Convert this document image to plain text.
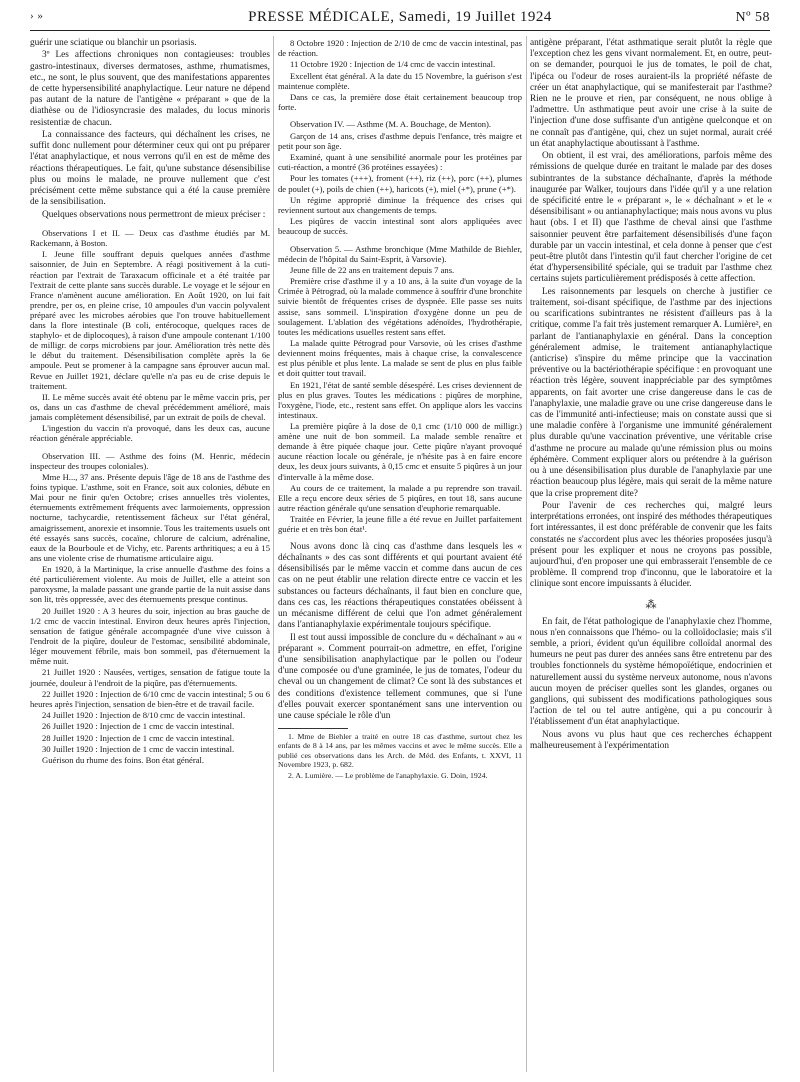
› »	PRESSE MÉDICALE, Samedi, 19 Juillet 1924	Nº 58

guérir une sciatique ou blanchir un psoriasis.

3º Les affections chroniques non contagieuses: troubles gastro-intestinaux, diverses dermatoses, asthme, rhumatismes, etc., ne sont, le plus souvent, que des manifestations apparentes de cette hypersensibilité anaphylactique. Leur nature ne dépend pas autant de la nature de l'antigène « préparant » que de la diathèse ou de l'idiosyncrasie des malades, du locus minoris resistentiæ de chacun.

La connaissance des facteurs, qui déchaînent les crises, ne suffit donc nullement pour déterminer ceux qui ont pu préparer l'état anaphylactique, et nous verrons qu'il en est de même des réactions thérapeutiques. Le fait, qu'une substance désensibilise plus ou moins le malade, ne prouve nullement que c'est précisément cette même substance qui a été la cause première de la sensibilisation.

Quelques observations nous permettront de mieux préciser :

Observations I et II. — Deux cas d'asthme étudiés par M. Rackemann, à Boston.

I. Jeune fille souffrant depuis quelques années d'asthme saisonnier, de Juin en Septembre. A réagi positivement à la cuti-réaction par l'extrait de Taraxacum officinale et a été traitée par l'extrait de cette plante sans succès durable. Le voyage et le séjour en France n'amènent aucune amélioration. En Août 1920, on lui fait prendre, per os, en pleine crise, 10 ampoules d'un vaccin polyvalent préparé avec les microbes aérobies que l'on trouve habituellement dans la flore intestinale (B coli, entérocoque, quelques races de staphylo- et de diplocoques), à raison d'une ampoule contenant 1/100 de milligr. de corps microbiens par jour. Amélioration très nette dès le début du traitement. Désensibilisation complète après la 6e ampoule. Peut se promener à la campagne sans éprouver aucun mal. Revue en Juillet 1921, déclare qu'elle n'a pas eu de crise depuis le traitement.

II. Le même succès avait été obtenu par le même vaccin pris, per os, dans un cas d'asthme de cheval précédemment amélioré, mais jamais complètement désensibilisé, par un extrait de poils de cheval.

L'ingestion du vaccin n'a provoqué, dans les deux cas, aucune réaction générale appréciable.

Observation III. — Asthme des foins (M. Henric, médecin inspecteur des troupes coloniales).

Mme H..., 37 ans. Présente depuis l'âge de 18 ans de l'asthme des foins typique. L'asthme, soit en France, soit aux colonies, débute en Mai pour ne finir qu'en Octobre; crises annuelles très violentes, éternuements extrêmement fréquents avec larmoiements, oppression nocturne, tachycardie, retentissement fâcheux sur l'état général, amaigrissement, anorexie et insomnie. Tous les traitements usuels ont été essayés sans succès, cocaïne, chlorure de calcium, adrénaline, eaux de la Bourboule et de Vichy, etc. Parents arthritiques; a eu à 15 ans une violente crise de rhumatisme articulaire aigu.

En 1920, à la Martinique, la crise annuelle d'asthme des foins a été particulièrement violente. Au mois de Juillet, elle a atteint son paroxysme, la malade passant une grande partie de la nuit assise dans son lit, très oppressée, avec des éternuements presque continus.

20 Juillet 1920 : A 3 heures du soir, injection au bras gauche de 1/2 cmc de vaccin intestinal. Environ deux heures après l'injection, sensation de fatigue générale accompagnée d'une vive cuisson à l'endroit de la piqûre, douleur de l'estomac, sensibilité abdominale, léger mouvement fébrile, mais bon sommeil, pas d'éternuement la même nuit.

21 Juillet 1920 : Nausées, vertiges, sensation de fatigue toute la journée, douleur à l'endroit de la piqûre, pas d'éternuements.

22 Juillet 1920 : Injection de 6/10 cmc de vaccin intestinal; 5 ou 6 heures après l'injection, sensation de bien-être et de travail facile.

24 Juillet 1920 : Injection de 8/10 cmc de vaccin intestinal.

26 Juillet 1920 : Injection de 1 cmc de vaccin intestinal.

28 Juillet 1920 : Injection de 1 cmc de vaccin intestinal.

30 Juillet 1920 : Injection de 1 cmc de vaccin intestinal.

Guérison du rhume des foins. Bon état général.

8 Octobre 1920 : Injection de 2/10 de cmc de vaccin intestinal, pas de réaction.

11 Octobre 1920 : Injection de 1/4 cmc de vaccin intestinal.

Excellent état général. A la date du 15 Novembre, la guérison s'est maintenue complète.

Dans ce cas, la première dose était certainement beaucoup trop forte.

Observation IV. — Asthme (M. A. Bouchage, de Menton).

Garçon de 14 ans, crises d'asthme depuis l'enfance, très maigre et petit pour son âge.

Examiné, quant à une sensibilité anormale pour les protéines par cuti-réaction, a montré (36 protéines essayées) :

Pour les tomates (+++), froment (++), riz (++), porc (++), plumes de poulet (+), poils de chien (++), haricots (+), miel (+*), prune (+*).

Un régime approprié diminue la fréquence des crises qui reviennent surtout aux changements de temps.

Les piqûres de vaccin intestinal sont alors appliquées avec beaucoup de succès.

Observation 5. — Asthme bronchique (Mme Mathilde de Biehler, médecin de l'hôpital du Saint-Esprit, à Varsovie).

Jeune fille de 22 ans en traitement depuis 7 ans.

Première crise d'asthme il y a 10 ans, à la suite d'un voyage de la Crimée à Pétrograd, où la malade commence à souffrir d'une bronchite suivie bientôt de fréquentes crises de dyspnée. Elle passe ses nuits assise, sans sommeil. L'inspiration d'oxygène donne un peu de soulagement. L'ablation des végétations adénoïdes, l'hydrothérapie, toutes les médications usuelles restent sans effet.

La malade quitte Pétrograd pour Varsovie, où les crises d'asthme deviennent moins fréquentes, mais à chaque crise, la convalescence est plus pénible et plus lente. La malade se sent de plus en plus faible et doit quitter tout travail.

En 1921, l'état de santé semble désespéré. Les crises deviennent de plus en plus graves. Toutes les médications : piqûres de morphine, l'oxygène, l'iode, etc., restent sans effet. On applique alors les vaccins intestinaux.

La première piqûre à la dose de 0,1 cmc (1/10 000 de milligr.) amène une nuit de bon sommeil. La malade semble renaître et demande à être piquée chaque jour. Cette piqûre n'ayant provoqué aucune réaction locale ou générale, je n'hésite pas à en faire encore deux, les deux jours suivants, à 0,15 cmc et ensuite 5 piqûres à un jour d'intervalle à la même dose.

Au cours de ce traitement, la malade a pu reprendre son travail. Elle a reçu encore deux séries de 5 piqûres, en tout 18, sans aucune autre réaction générale qu'une sensation d'euphorie remarquable.

Traitée en Février, la jeune fille a été revue en Juillet parfaitement guérie et en très bon état¹.

Nous avons donc là cinq cas d'asthme dans lesquels les « déchaînants » des cas sont différents et qui pourtant avaient été désensibilisés par le même vaccin et comme dans aucun de ces cas on ne peut établir une relation directe entre ce vaccin et les substances ou facteurs déchaînants, il faut bien en conclure que, dans ces cas, les réactions thérapeutiques constatées obéissent à un mécanisme différent de celui que l'on admet généralement dans l'antianaphylaxie expérimentale toujours spécifique.

Il est tout aussi impossible de conclure du « déchaînant » au « préparant ». Comment pourrait-on admettre, en effet, l'origine d'une sensibilisation anaphylactique par le pollen ou l'odeur d'une composée ou d'une graminée, le jus de tomates, l'odeur du cheval ou un changement de climat? Ce sont là des substances et des conditions d'existence tellement communes, que si l'une d'elles pouvait exercer spontanément sans une intervention ou une cause spéciale le rôle d'un

1. Mme de Biehler a traité en outre 18 cas d'asthme, surtout chez les enfants de 8 à 14 ans, par les mêmes vaccins et avec le même succès. Elle a publié ces observations dans les Arch. de Méd. des Enfants, t. XXVI, 11 Novembre 1923, p. 682.

2. A. Lumière. — Le problème de l'anaphylaxie. G. Doin, 1924.

antigène préparant, l'état asthmatique serait plutôt la règle que l'exception chez les gens vivant normalement. Et, en outre, peut-on se demander, pourquoi le jus de tomates, le poil de chat, l'ipéca ou l'odeur de roses auraient-ils la propriété néfaste de créer un état anaphylactique, qui se manifesterait par l'asthme? Rien ne le prouve et rien, par conséquent, ne nous oblige à l'admettre. Un asthmatique peut avoir une crise à la suite de l'injection d'une dose suffisante d'un antigène quelconque et on ne connaît pas d'antigène, qui, chez un sujet normal, aurait créé un état anaphylactique aboutissant à l'asthme.

On obtient, il est vrai, des améliorations, parfois même des rémissions de quelque durée en traitant le malade par des doses subintrantes de la substance déchaînante, d'après la méthode inaugurée par Walker, toujours dans l'idée qu'il y a une relation de spécificité entre le « préparant », le « déchaînant » et le « désensibilisant » ou antianaphylactique; mais nous avons vu plus haut (obs. I et II) que l'asthme de cheval ainsi que l'asthme saisonnier peuvent être parfaitement désensibilisés d'une façon durable par un vaccin intestinal, et cela donne à penser que c'est peut-être plutôt dans l'intestin qu'il faut chercher l'origine de cet état d'hypersensibilité spéciale, qui se traduit par l'asthme chez certains sujets particulièrement prédisposés à cette affection.

Les raisonnements par lesquels on cherche à justifier ce traitement, soi-disant spécifique, de l'asthme par des injections ou scarifications subintrantes ne résistent d'ailleurs pas à la critique, comme l'a fait très justement remarquer A. Lumière², en parlant de l'antianaphylaxie en général. Dans la conception généralement admise, le traitement antianaphylactique (anticrise) s'inspire du même principe que la vaccination préventive ou la bactériothérapie spécifique : en provoquant une réaction très légère, souvent inappréciable par des symptômes apparents, on fait avorter une crise dangereuse dans le cas de l'anaphylaxie, une maladie grave ou une crise dangereuse dans le cas de l'immunité anti-infectieuse; mais on constate aussi que si une maladie confère à l'organisme une immunité généralement plus durable qu'une vaccination préventive, une véritable crise d'asthme ne procure au malade qu'une rémission plus ou moins éphémère. Comment expliquer alors ou prétendre à la guérison ou à une désensibilisation plus durable de l'anaphylaxie par une réaction beaucoup plus légère, mais qui serait de la même nature que la crise proprement dite?

Pour l'avenir de ces recherches qui, malgré leurs interprétations erronées, ont inspiré des méthodes thérapeutiques fort intéressantes, il est donc préférable de convenir que les faits constatés ne s'accordent plus avec les théories proposées jusqu'à présent pour les expliquer et nous ne croyons pas possible, aujourd'hui, d'en proposer une qui embrasserait l'ensemble de ce problème. Il comprend trop d'inconnu, que le laboratoire et la clinique sont encore impuissants à élucider.

⁂

En fait, de l'état pathologique de l'anaphylaxie chez l'homme, nous n'en connaissons que l'hémo- ou la colloïdoclasie; mais s'il semble, a priori, évident qu'un équilibre colloïdal anormal des humeurs ne peut pas durer des années sans être entretenu par des troubles fonctionnels du système hémopoïétique, endocrinien et naturellement aussi du système nerveux autonome, nous n'avons aucun moyen de préciser quelles sont les glandes, organes ou ganglions, qui subissent des modifications pathologiques sous l'action de tel ou tel autre antigène, qui a pu concourir à l'établissement d'un état anaphylactique.

Nous avons vu plus haut que ces recherches échappent malheureusement à l'expérimentation
